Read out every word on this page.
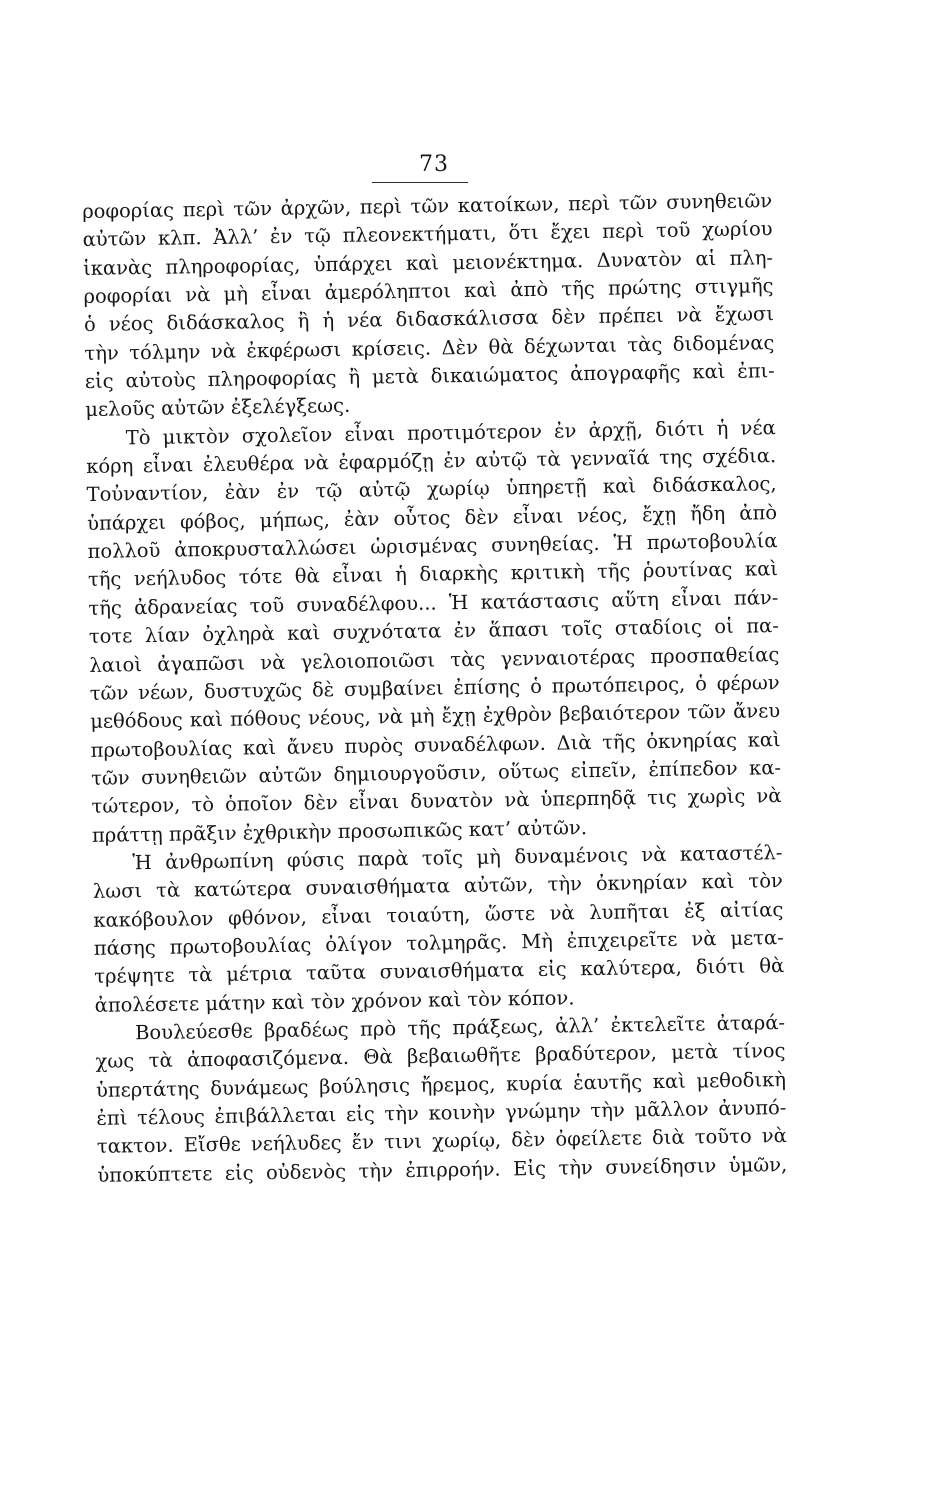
73
ροφορίας περὶ τῶν ἀρχῶν, περὶ τῶν κατοίκων, περὶ τῶν συνηθειῶν
αὐτῶν κλπ. Ἀλλ’ ἐν τῷ πλεονεκτήματι, ὅτι ἔχει περὶ τοῦ χωρίου
ἱκανὰς πληροφορίας, ὑπάρχει καὶ μειονέκτημα. Δυνατὸν αἱ πλη-
ροφορίαι νὰ μὴ εἶναι ἀμερόληπτοι καὶ ἀπὸ τῆς πρώτης στιγμῆς
ὁ νέος διδάσκαλος ἢ ἡ νέα διδασκάλισσα δὲν πρέπει νὰ ἔχωσι
τὴν τόλμην νὰ ἐκφέρωσι κρίσεις. Δὲν θὰ δέχωνται τὰς διδομένας
εἰς αὐτοὺς πληροφορίας ἢ μετὰ δικαιώματος ἀπογραφῆς καὶ ἐπι-
μελοῦς αὐτῶν ἐξελέγξεως.
Τὸ μικτὸν σχολεῖον εἶναι προτιμότερον ἐν ἀρχῇ, διότι ἡ νέα
κόρη εἶναι ἐλευθέρα νὰ ἐφαρμόζῃ ἐν αὐτῷ τὰ γενναῖά της σχέδια.
Τοὐναντίον, ἐὰν ἐν τῷ αὐτῷ χωρίῳ ὑπηρετῇ καὶ διδάσκαλος,
ὑπάρχει φόβος, μήπως, ἐὰν οὗτος δὲν εἶναι νέος, ἔχῃ ἤδη ἀπὸ
πολλοῦ ἀποκρυσταλλώσει ὡρισμένας συνηθείας. Ἡ πρωτοβουλία
τῆς νεήλυδος τότε θὰ εἶναι ἡ διαρκὴς κριτικὴ τῆς ῥουτίνας καὶ
τῆς ἀδρανείας τοῦ συναδέλφου... Ἡ κατάστασις αὕτη εἶναι πάν-
τοτε λίαν ὀχληρὰ καὶ συχνότατα ἐν ἅπασι τοῖς σταδίοις οἱ πα-
λαιοὶ ἀγαπῶσι νὰ γελοιοποιῶσι τὰς γενναιοτέρας προσπαθείας
τῶν νέων, δυστυχῶς δὲ συμβαίνει ἐπίσης ὁ πρωτόπειρος, ὁ φέρων
μεθόδους καὶ πόθους νέους, νὰ μὴ ἔχῃ ἐχθρὸν βεβαιότερον τῶν ἄνευ
πρωτοβουλίας καὶ ἄνευ πυρὸς συναδέλφων. Διὰ τῆς ὀκνηρίας καὶ
τῶν συνηθειῶν αὐτῶν δημιουργοῦσιν, οὕτως εἰπεῖν, ἐπίπεδον κα-
τώτερον, τὸ ὁποῖον δὲν εἶναι δυνατὸν νὰ ὑπερπηδᾷ τις χωρὶς νὰ
πράττῃ πρᾶξιν ἐχθρικὴν προσωπικῶς κατ’ αὐτῶν.
Ἡ ἀνθρωπίνη φύσις παρὰ τοῖς μὴ δυναμένοις νὰ καταστέλ-
λωσι τὰ κατώτερα συναισθήματα αὐτῶν, τὴν ὀκνηρίαν καὶ τὸν
κακόβουλον φθόνον, εἶναι τοιαύτη, ὥστε νὰ λυπῆται ἐξ αἰτίας
πάσης πρωτοβουλίας ὀλίγον τολμηρᾶς. Μὴ ἐπιχειρεῖτε νὰ μετα-
τρέψητε τὰ μέτρια ταῦτα συναισθήματα εἰς καλύτερα, διότι θὰ
ἀπολέσετε μάτην καὶ τὸν χρόνον καὶ τὸν κόπον.
Βουλεύεσθε βραδέως πρὸ τῆς πράξεως, ἀλλ’ ἐκτελεῖτε ἀταρά-
χως τὰ ἀποφασιζόμενα. Θὰ βεβαιωθῆτε βραδύτερον, μετὰ τίνος
ὑπερτάτης δυνάμεως βούλησις ἤρεμος, κυρία ἑαυτῆς καὶ μεθοδικὴ
ἐπὶ τέλους ἐπιβάλλεται εἰς τὴν κοινὴν γνώμην τὴν μᾶλλον ἀνυπό-
τακτον. Εἴσθε νεήλυδες ἔν τινι χωρίῳ, δὲν ὀφείλετε διὰ τοῦτο νὰ
ὑποκύπτετε εἰς οὐδενὸς τὴν ἐπιρροήν. Εἰς τὴν συνείδησιν ὑμῶν,
